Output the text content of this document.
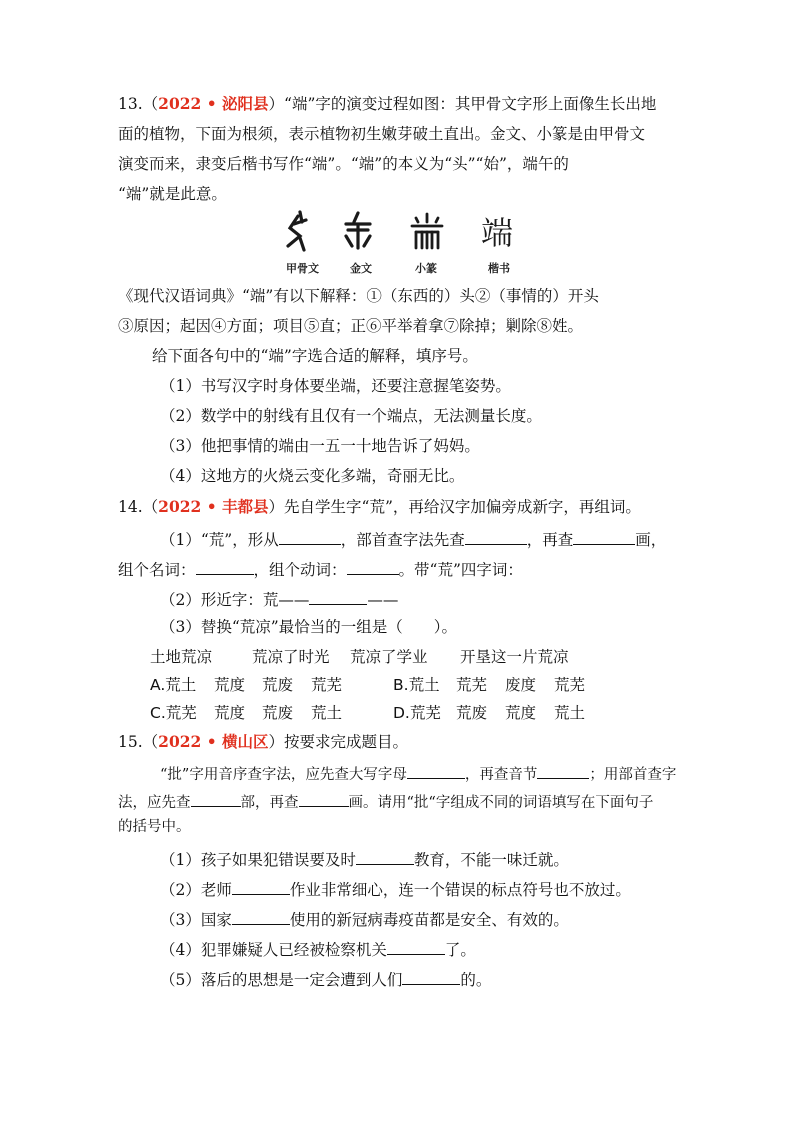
13.（2022 • 泌阳县）“端”字的演变过程如图：其甲骨文字形上面像生长出地
面的植物，下面为根须，表示植物初生嫩芽破土直出。金文、小篆是由甲骨文
演变而来，隶变后楷书写作“端”。“端”的本义为“头”“始”，端午的
“端”就是此意。
端
甲骨文	金文	小篆	楷书
《现代汉语词典》“端”有以下解释：①（东西的）头②（事情的）开头
③原因；起因④方面；项目⑤直；正⑥平举着拿⑦除掉；剿除⑧姓。
给下面各句中的“端”字选合适的解释，填序号。
（1）书写汉字时身体要坐端，还要注意握笔姿势。
（2）数学中的射线有且仅有一个端点，无法测量长度。
（3）他把事情的端由一五一十地告诉了妈妈。
（4）这地方的火烧云变化多端，奇丽无比。
14.（2022 • 丰都县）先自学生字“荒”，再给汉字加偏旁成新字，再组词。
（1）“荒”，形从	，部首查字法先查	，再查	画，
组个名词：	，组个动词：	。带“荒”四字词：
（2）形近字：荒——	——
（3）替换“荒凉”最恰当的一组是（　　）。
土地荒凉	荒凉了时光 荒凉了学业 开垦这一片荒凉
A.荒土 荒度 荒废 荒芜	B.荒土 荒芜 废度 荒芜
C.荒芜 荒度 荒废 荒土	D.荒芜 荒废 荒度 荒土
15.（2022 • 横山区）按要求完成题目。
“批”字用音序查字法，应先查大写字母	，再查音节	；用部首查字
法，应先查	部，再查	画。请用“批“字组成不同的词语填写在下面句子
的括号中。
（1）孩子如果犯错误要及时	教育，不能一味迁就。
（2）老师	作业非常细心，连一个错误的标点符号也不放过。
（3）国家	使用的新冠病毒疫苗都是安全、有效的。
（4）犯罪嫌疑人已经被检察机关	了。
（5）落后的思想是一定会遭到人们	的。
